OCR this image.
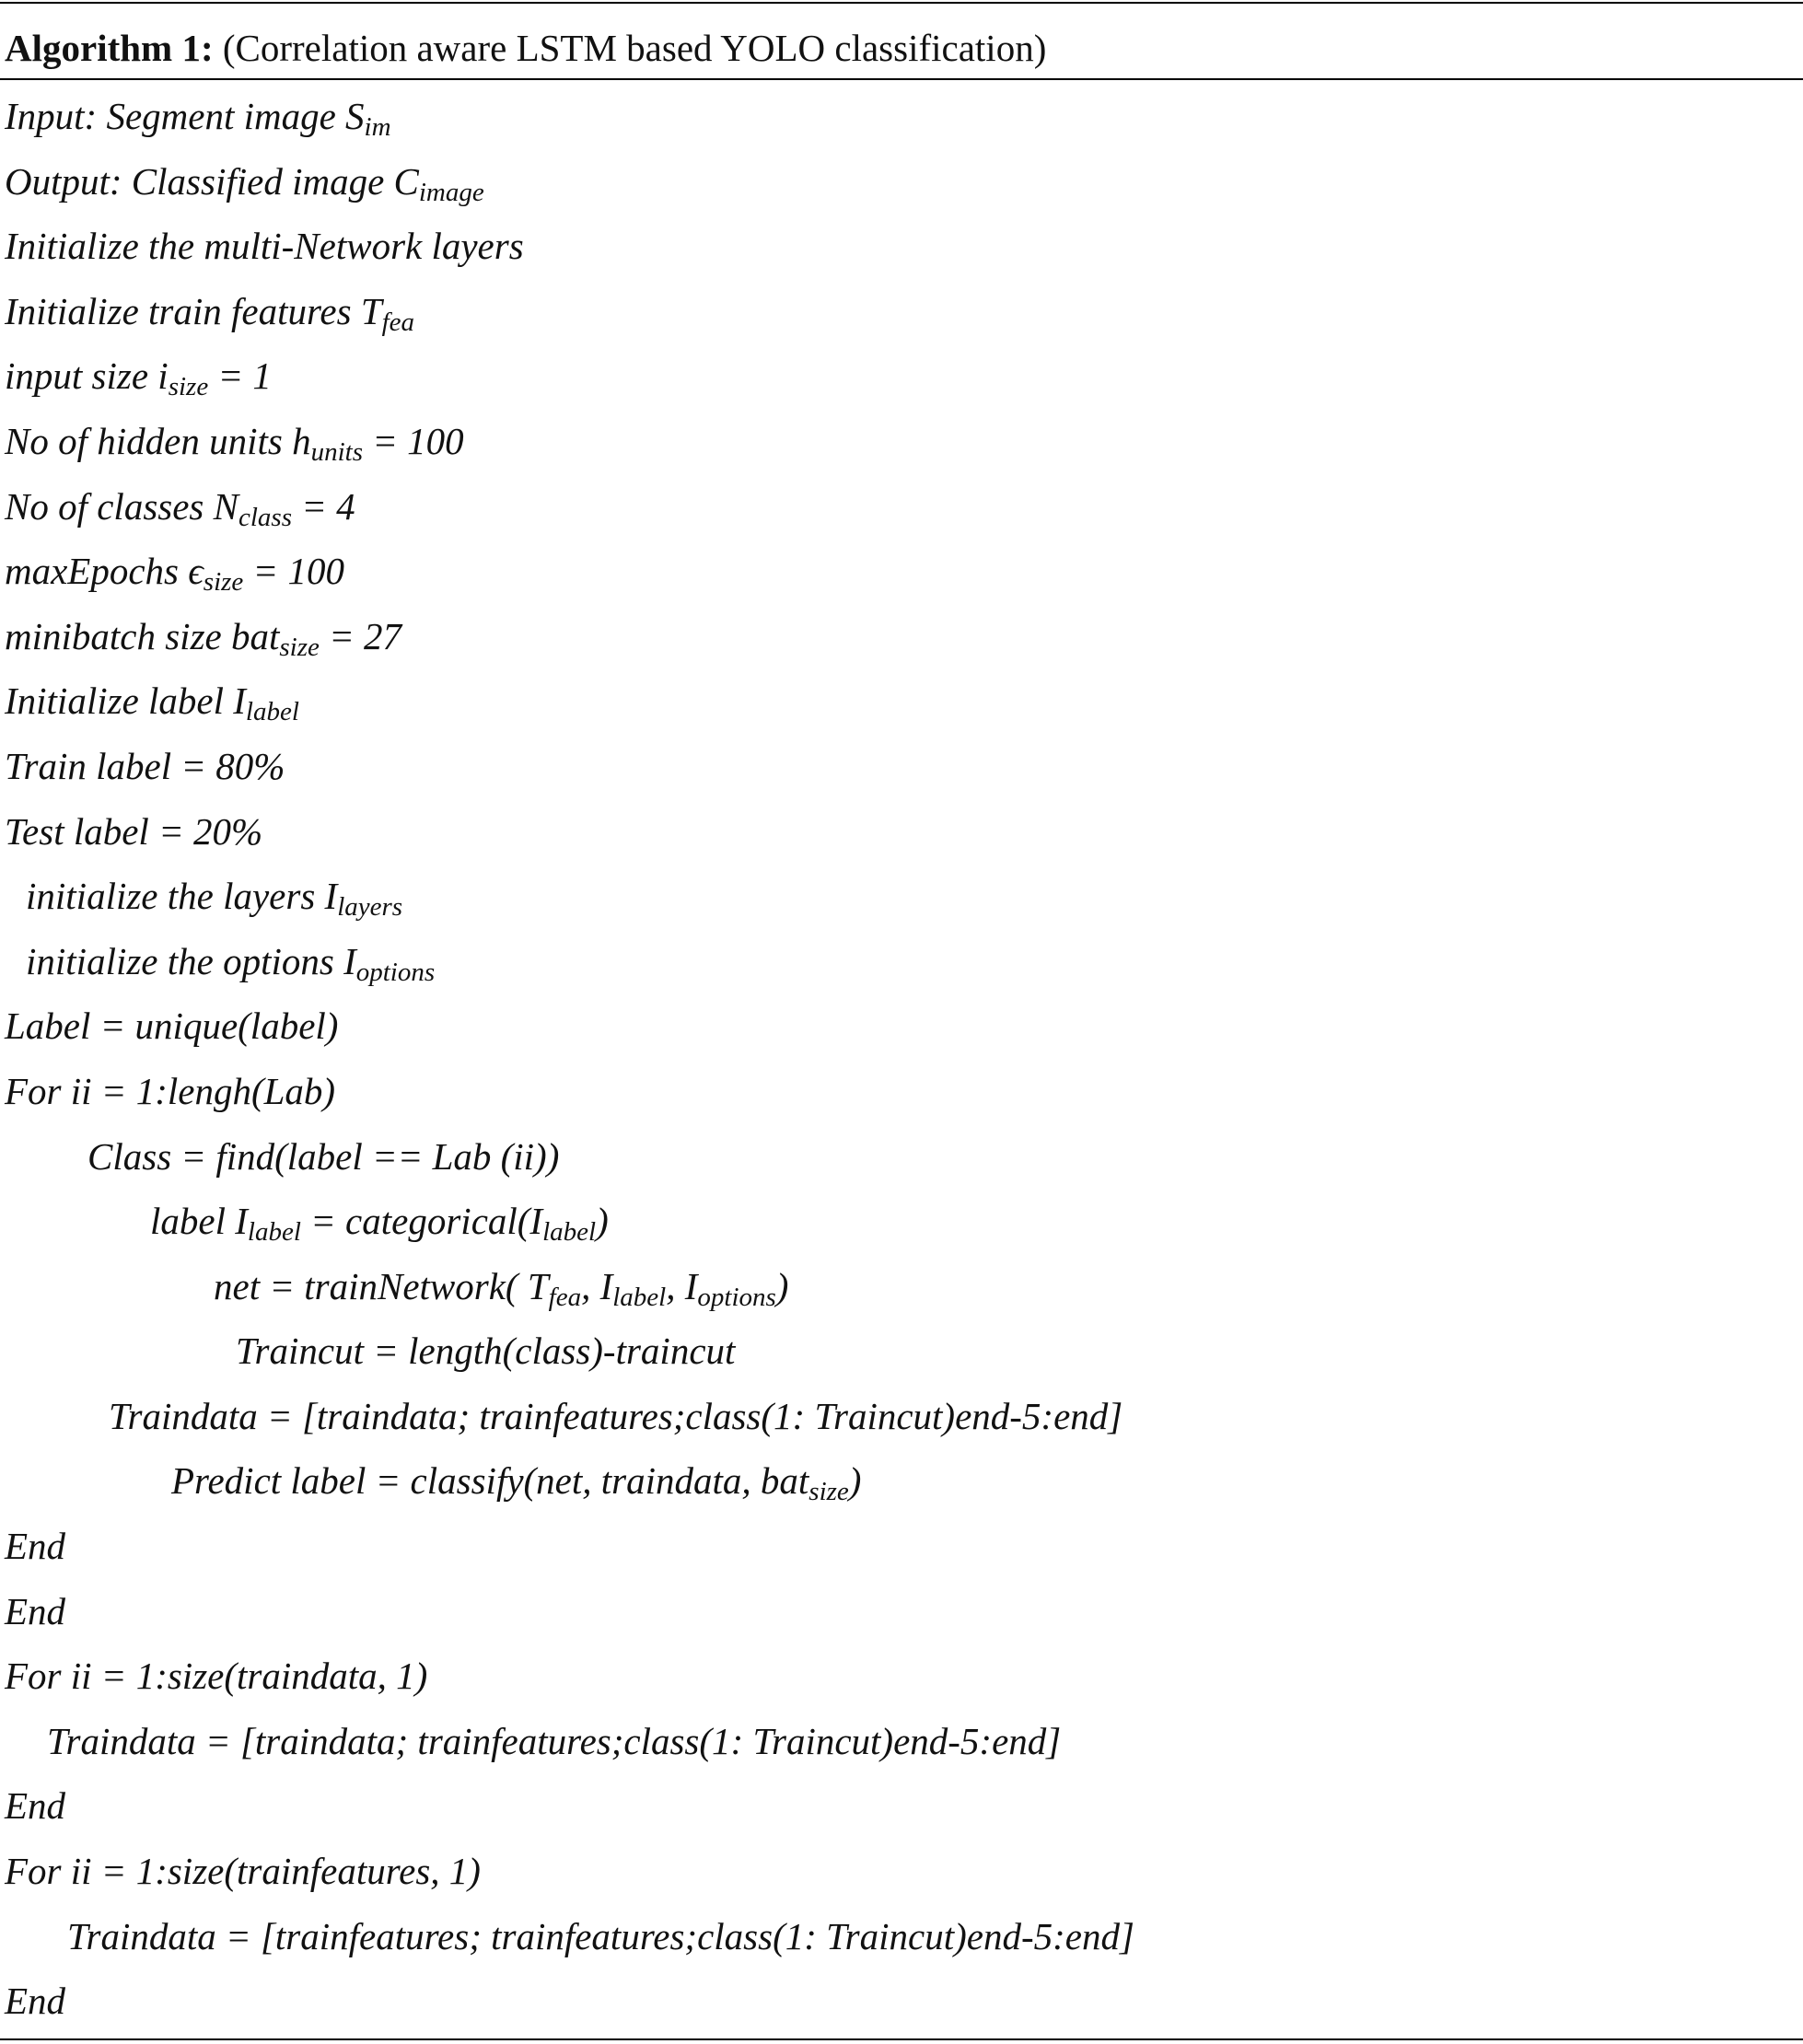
Algorithm 1: (Correlation aware LSTM based YOLO classification)
Input: Segment image $S_{im}$
Output: Classified image $C_{image}$
Initialize the multi-Network layers
Initialize train features $T_{fea}$
input size $i_{size} = 1$
No of hidden units $h_{units} = 100$
No of classes $N_{class} = 4$
maxEpochs $\epsilon_{size} = 100$
minibatch size bat$_{size}$ = 27
Initialize label $I_{label}$
Train label = 80%
Test label = 20%
initialize the layers $I_{layers}$
initialize the options $I_{options}$
Label = unique(label)
For ii = 1:lengh(Lab)
Class = find(label == Lab (ii))
label $I_{label}$ = $categorical(I_{label})$
net = trainNetwork( $T_{fea}$, $I_{label}$, $I_{options}$)
Traincut = length(class)-traincut
Traindata = [traindata; trainfeatures;class(1: Traincut)end-5:end]
Predict label = classify(net, traindata, bat$_{size}$)
End
End
For ii = 1:size(traindata, 1)
Traindata = [traindata; trainfeatures;class(1: Traincut)end-5:end]
End
For ii = 1:size(trainfeatures, 1)
Traindata = [trainfeatures; trainfeatures;class(1: Traincut)end-5:end]
End
